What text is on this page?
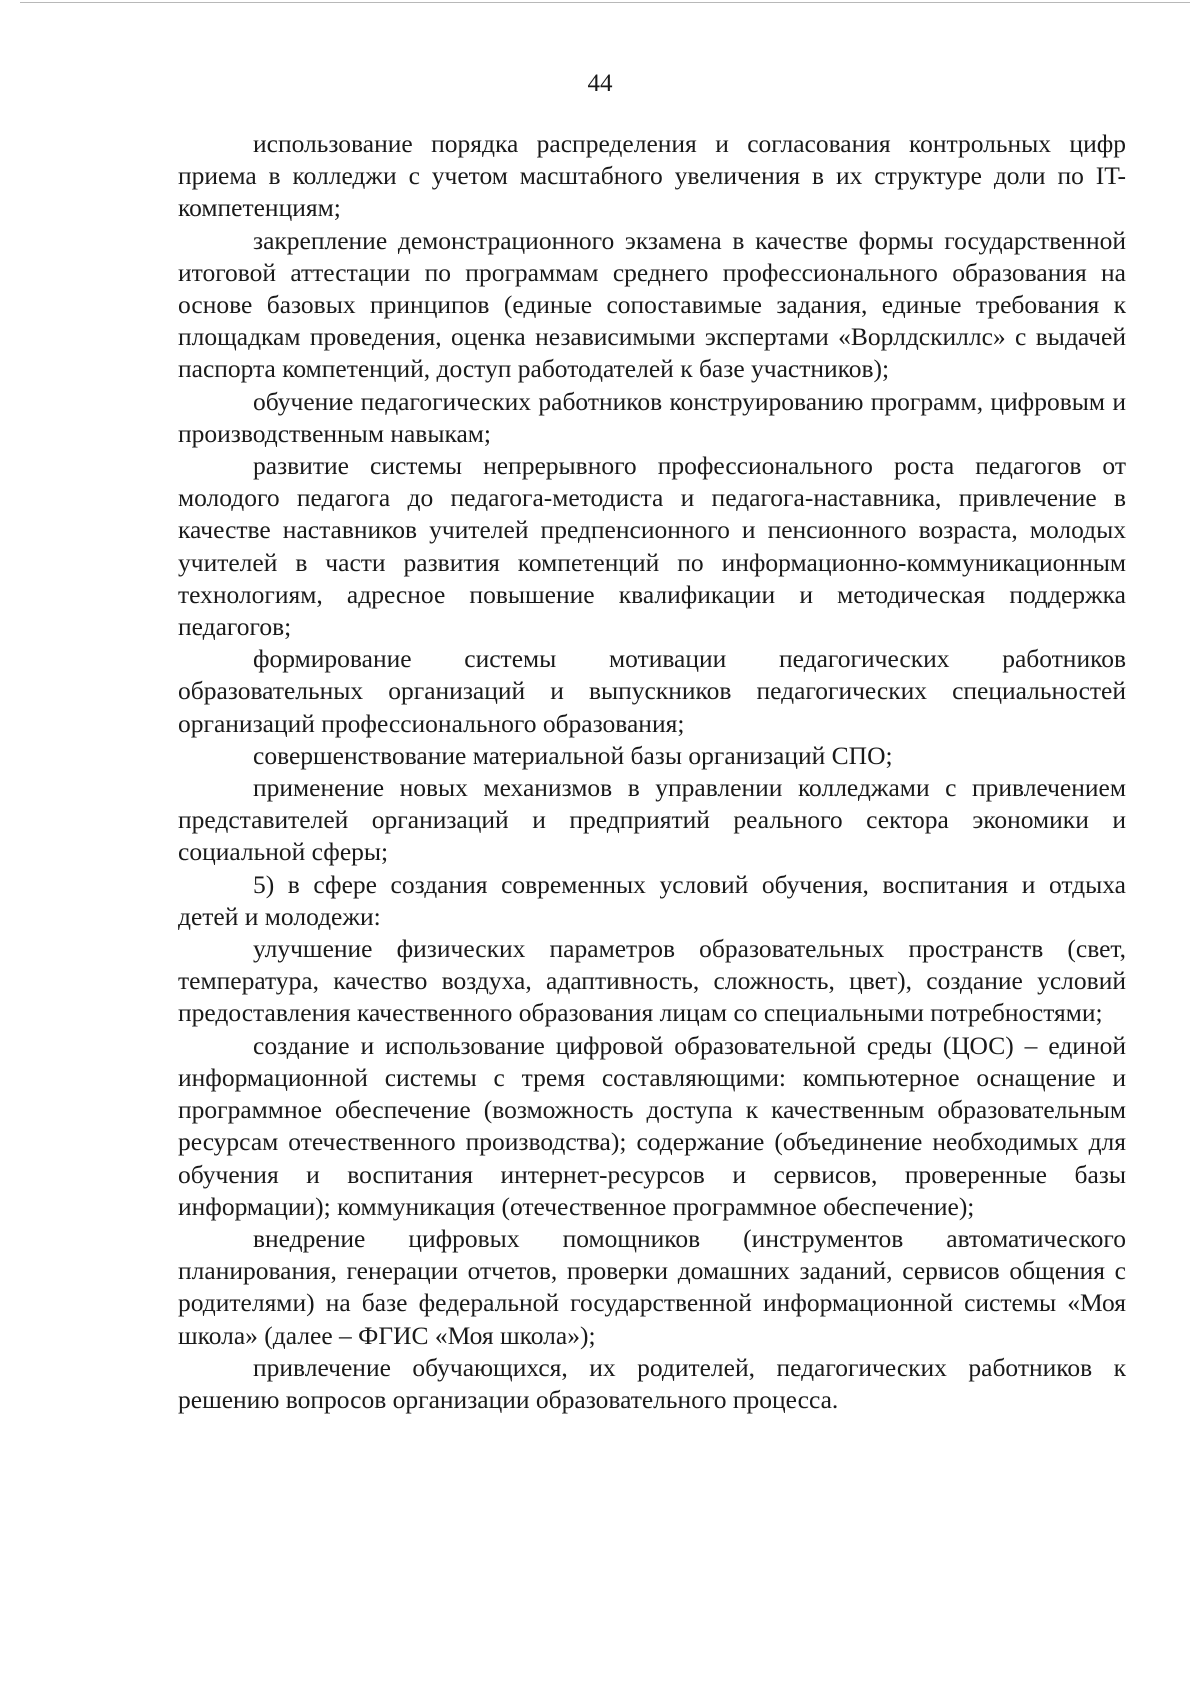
44

использование порядка распределения и согласования контрольных цифр приема в колледжи с учетом масштабного увеличения в их структуре доли по IT-компетенциям;

закрепление демонстрационного экзамена в качестве формы государственной итоговой аттестации по программам среднего профессионального образования на основе базовых принципов (единые сопоставимые задания, единые требования к площадкам проведения, оценка независимыми экспертами «Ворлдскиллс» с выдачей паспорта компетенций, доступ работодателей к базе участников);

обучение педагогических работников конструированию программ, цифровым и производственным навыкам;

развитие системы непрерывного профессионального роста педагогов от молодого педагога до педагога-методиста и педагога-наставника, привлечение в качестве наставников учителей предпенсионного и пенсионного возраста, молодых учителей в части развития компетенций по информационно-коммуникационным технологиям, адресное повышение квалификации и методическая поддержка педагогов;

формирование системы мотивации педагогических работников образовательных организаций и выпускников педагогических специальностей организаций профессионального образования;

совершенствование материальной базы организаций СПО;

применение новых механизмов в управлении колледжами с привлечением представителей организаций и предприятий реального сектора экономики и социальной сферы;

5) в сфере создания современных условий обучения, воспитания и отдыха детей и молодежи:

улучшение физических параметров образовательных пространств (свет, температура, качество воздуха, адаптивность, сложность, цвет), создание условий предоставления качественного образования лицам со специальными потребностями;

создание и использование цифровой образовательной среды (ЦОС) – единой информационной системы с тремя составляющими: компьютерное оснащение и программное обеспечение (возможность доступа к качественным образовательным ресурсам отечественного производства); содержание (объединение необходимых для обучения и воспитания интернет-ресурсов и сервисов, проверенные базы информации); коммуникация (отечественное программное обеспечение);

внедрение цифровых помощников (инструментов автоматического планирования, генерации отчетов, проверки домашних заданий, сервисов общения с родителями) на базе федеральной государственной информационной системы «Моя школа» (далее – ФГИС «Моя школа»);

привлечение обучающихся, их родителей, педагогических работников к решению вопросов организации образовательного процесса.
